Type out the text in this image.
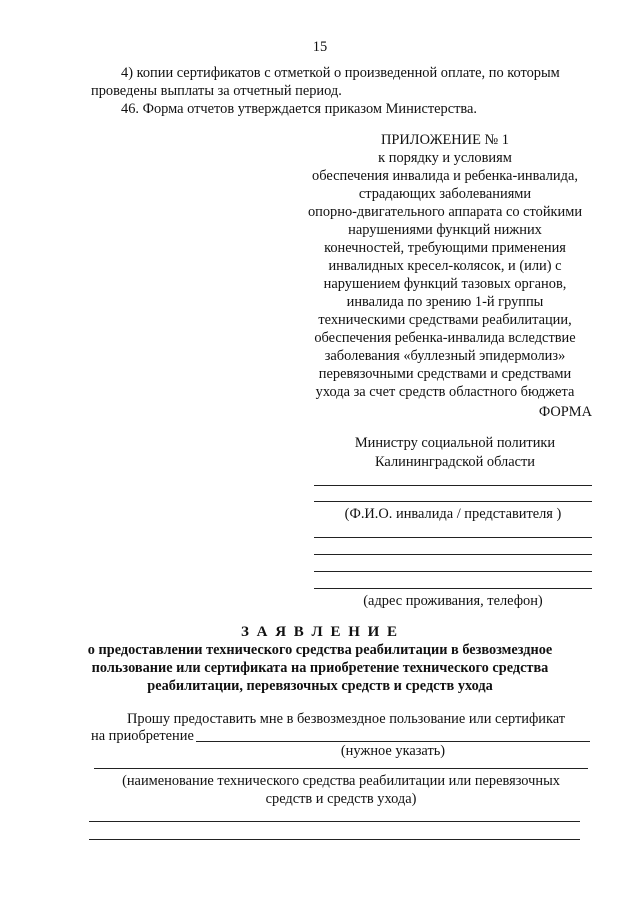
15
4) копии сертификатов с отметкой о произведенной оплате, по которым
проведены выплаты за отчетный период.
46. Форма отчетов утверждается приказом Министерства.
ПРИЛОЖЕНИЕ № 1
к порядку и условиям
обеспечения инвалида и ребенка-инвалида,
страдающих заболеваниями
опорно-двигательного аппарата со стойкими
нарушениями функций нижних
конечностей, требующими применения
инвалидных кресел-колясок, и (или) с
нарушением функций тазовых органов,
инвалида по зрению 1-й группы
техническими средствами реабилитации,
обеспечения ребенка-инвалида вследствие
заболевания «буллезный эпидермолиз»
перевязочными средствами и средствами
ухода за счет средств областного бюджета
ФОРМА
Министру социальной политики
Калининградской области
(Ф.И.О. инвалида / представителя )
(адрес проживания, телефон)
З А Я В Л Е Н И Е
о предоставлении технического средства реабилитации в безвозмездное
пользование или сертификата на приобретение технического средства
реабилитации, перевязочных средств и средств ухода
Прошу предоставить мне в безвозмездное пользование или сертификат
на приобретение
(нужное указать)
(наименование технического средства реабилитации или перевязочных
средств и средств ухода)
